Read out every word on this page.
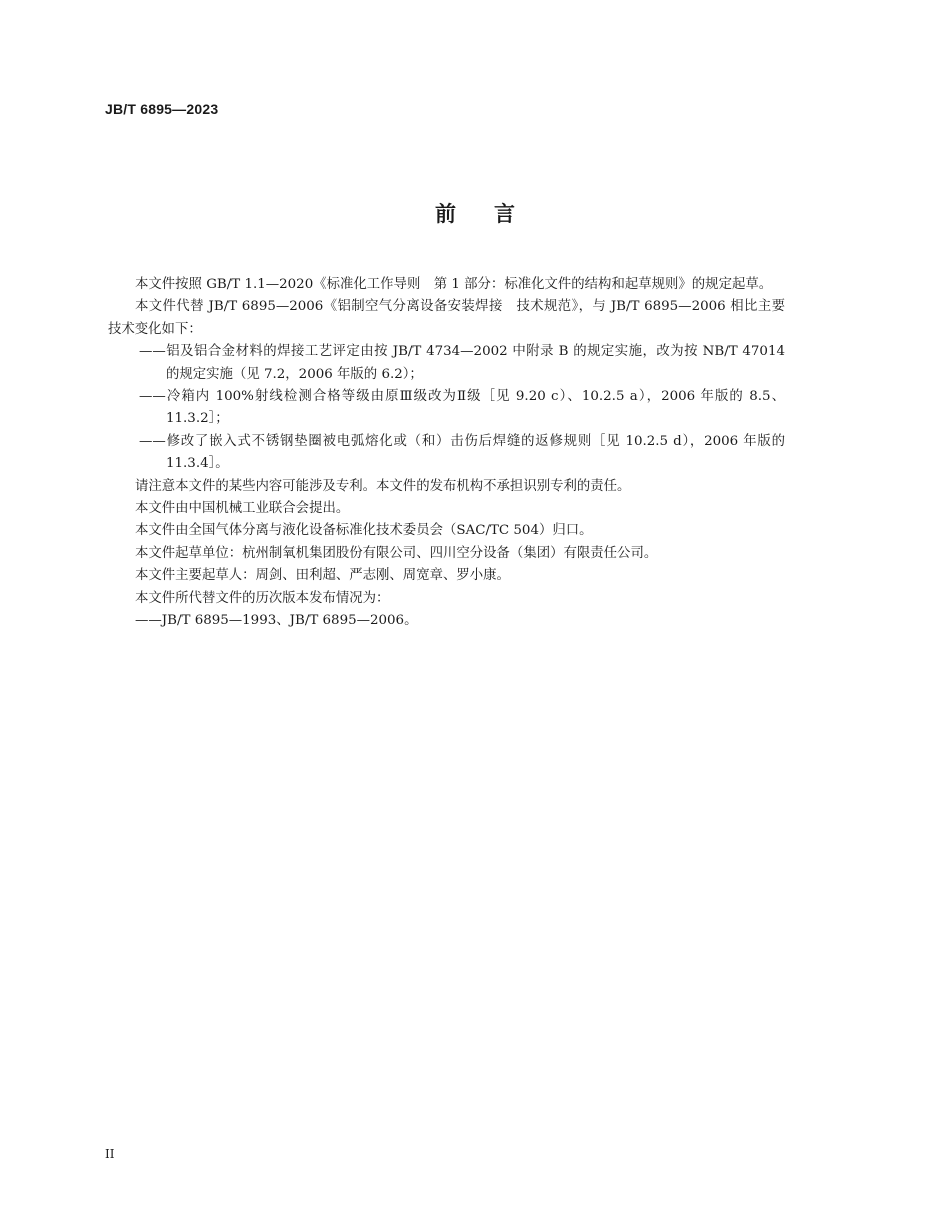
JB/T 6895—2023
前言

本文件按照 GB/T 1.1—2020《标准化工作导则　第 1 部分：标准化文件的结构和起草规则》的规定起草。

本文件代替 JB/T 6895—2006《铝制空气分离设备安装焊接　技术规范》，与 JB/T 6895—2006 相比主要技术变化如下：

——铝及铝合金材料的焊接工艺评定由按 JB/T 4734—2002 中附录 B 的规定实施，改为按 NB/T 47014 的规定实施（见 7.2，2006 年版的 6.2）；

——冷箱内 100%射线检测合格等级由原Ⅲ级改为Ⅱ级［见 9.20 c）、10.2.5 a），2006 年版的 8.5、11.3.2］；

——修改了嵌入式不锈钢垫圈被电弧熔化或（和）击伤后焊缝的返修规则［见 10.2.5 d），2006 年版的 11.3.4］。

请注意本文件的某些内容可能涉及专利。本文件的发布机构不承担识别专利的责任。

本文件由中国机械工业联合会提出。

本文件由全国气体分离与液化设备标准化技术委员会（SAC/TC 504）归口。

本文件起草单位：杭州制氧机集团股份有限公司、四川空分设备（集团）有限责任公司。

本文件主要起草人：周剑、田利超、严志刚、周宽章、罗小康。

本文件所代替文件的历次版本发布情况为：

——JB/T 6895—1993、JB/T 6895—2006。

II
